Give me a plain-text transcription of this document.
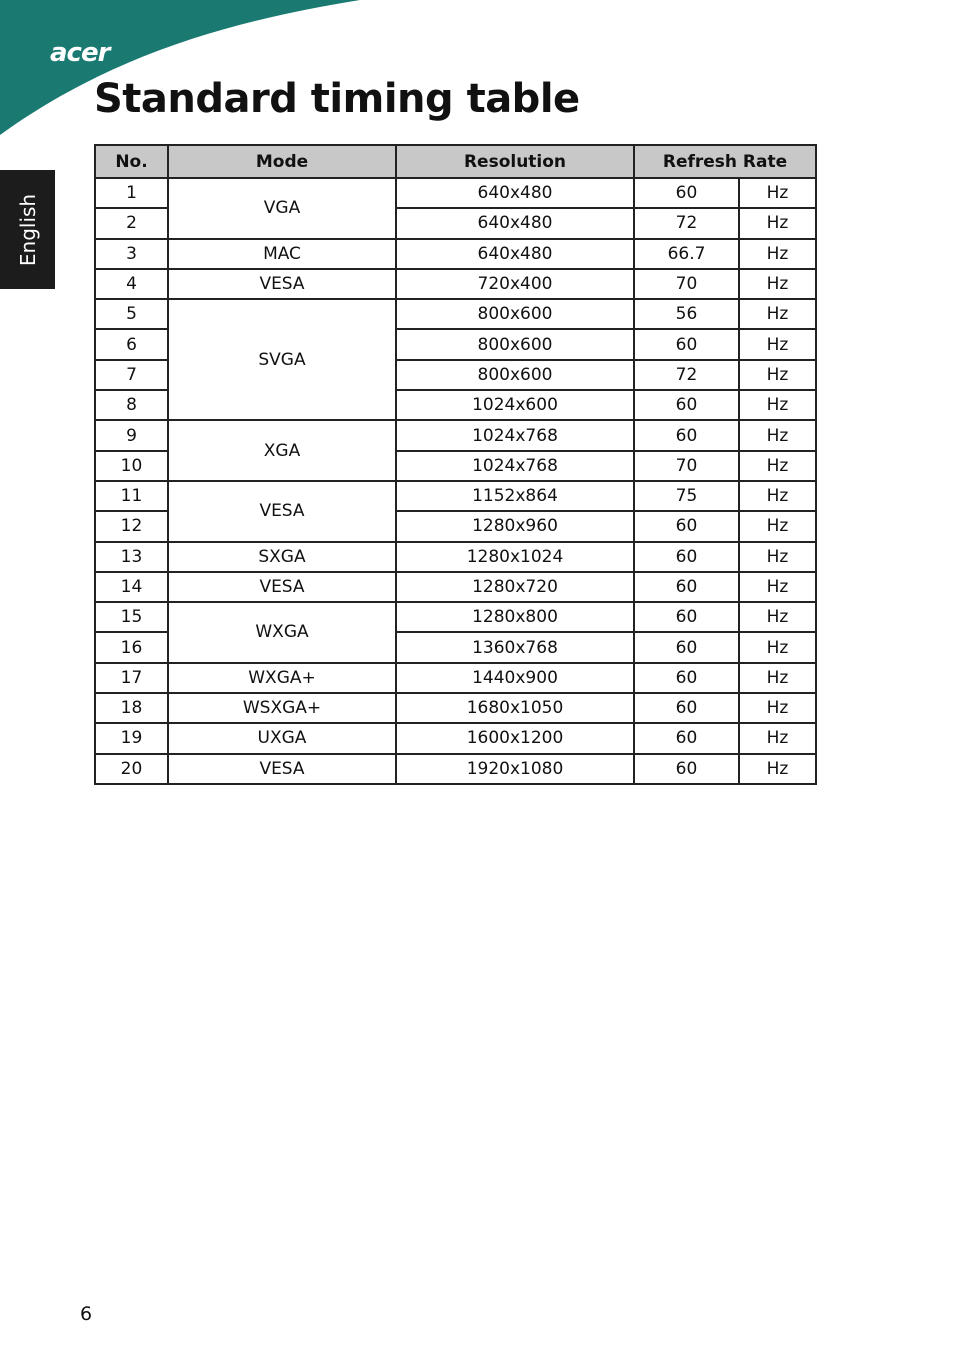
acer
Standard timing table
English
No.	Mode	Resolution	Refresh Rate	
1	VGA	640x480	60	Hz
2		640x480	72	Hz
3	MAC	640x480	66.7	Hz
4	VESA	720x400	70	Hz
5	SVGA	800x600	56	Hz
6		800x600	60	Hz
7		800x600	72	Hz
8		1024x600	60	Hz
9	XGA	1024x768	60	Hz
10		1024x768	70	Hz
11	VESA	1152x864	75	Hz
12		1280x960	60	Hz
13	SXGA	1280x1024	60	Hz
14	VESA	1280x720	60	Hz
15	WXGA	1280x800	60	Hz
16		1360x768	60	Hz
17	WXGA+	1440x900	60	Hz
18	WSXGA+	1680x1050	60	Hz
19	UXGA	1600x1200	60	Hz
20	VESA	1920x1080	60	Hz
6
